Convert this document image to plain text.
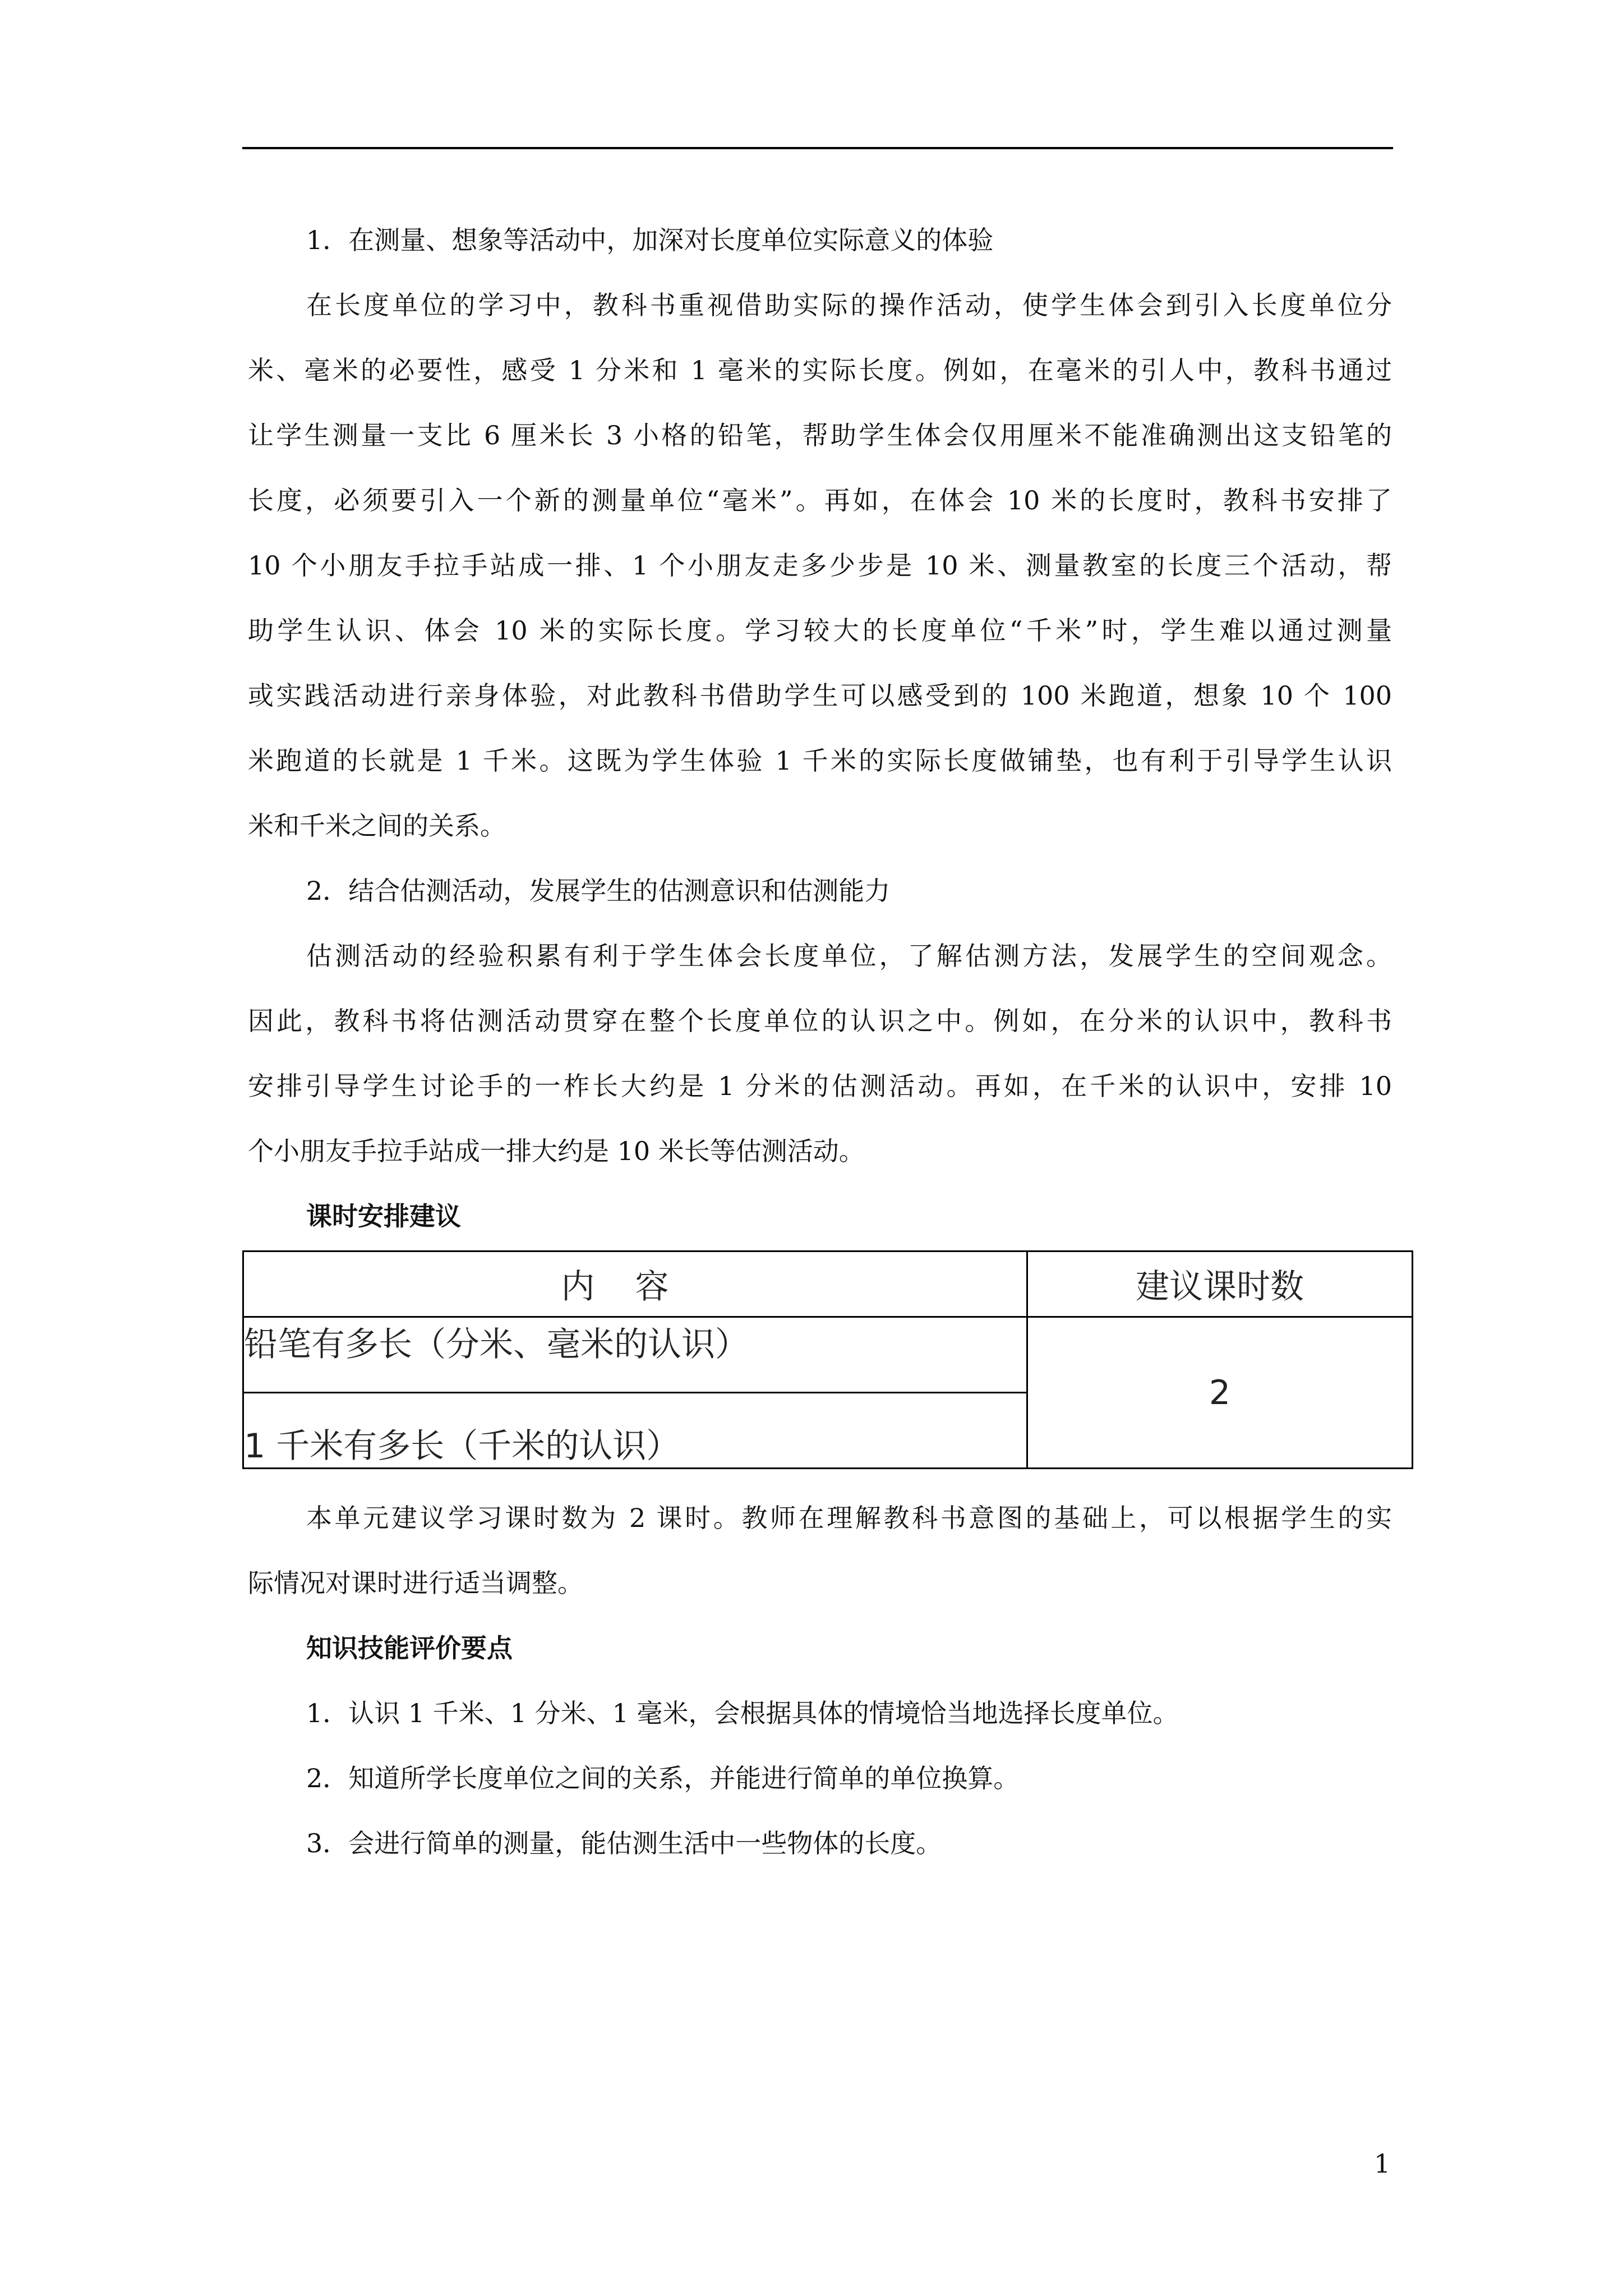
1．在测量、想象等活动中，加深对长度单位实际意义的体验

在长度单位的学习中，教科书重视借助实际的操作活动，使学生体会到引入长度单位分

米、毫米的必要性，感受 1 分米和 1 毫米的实际长度。例如，在毫米的引人中，教科书通过

让学生测量一支比 6 厘米长 3 小格的铅笔，帮助学生体会仅用厘米不能准确测出这支铅笔的

长度，必须要引入一个新的测量单位“毫米”。再如，在体会 10 米的长度时，教科书安排了

10 个小朋友手拉手站成一排、1 个小朋友走多少步是 10 米、测量教室的长度三个活动，帮

助学生认识、体会 10 米的实际长度。学习较大的长度单位“千米”时，学生难以通过测量

或实践活动进行亲身体验，对此教科书借助学生可以感受到的 100 米跑道，想象 10 个 100

米跑道的长就是 1 千米。这既为学生体验 1 千米的实际长度做铺垫，也有利于引导学生认识

米和千米之间的关系。

2．结合估测活动，发展学生的估测意识和估测能力

估测活动的经验积累有利于学生体会长度单位，了解估测方法，发展学生的空间观念。

因此，教科书将估测活动贯穿在整个长度单位的认识之中。例如，在分米的认识中，教科书

安排引导学生讨论手的一柞长大约是 1 分米的估测活动。再如，在千米的认识中，安排 10

个小朋友手拉手站成一排大约是 10 米长等估测活动。

课时安排建议

内容	建议课时数
铅笔有多长（分米、毫米的认识）	2
1 千米有多长（千米的认识）	

本单元建议学习课时数为 2 课时。教师在理解教科书意图的基础上，可以根据学生的实

际情况对课时进行适当调整。

知识技能评价要点

1．认识 1 千米、1 分米、1 毫米，会根据具体的情境恰当地选择长度单位。

2．知道所学长度单位之间的关系，并能进行简单的单位换算。

3．会进行简单的测量，能估测生活中一些物体的长度。

1
